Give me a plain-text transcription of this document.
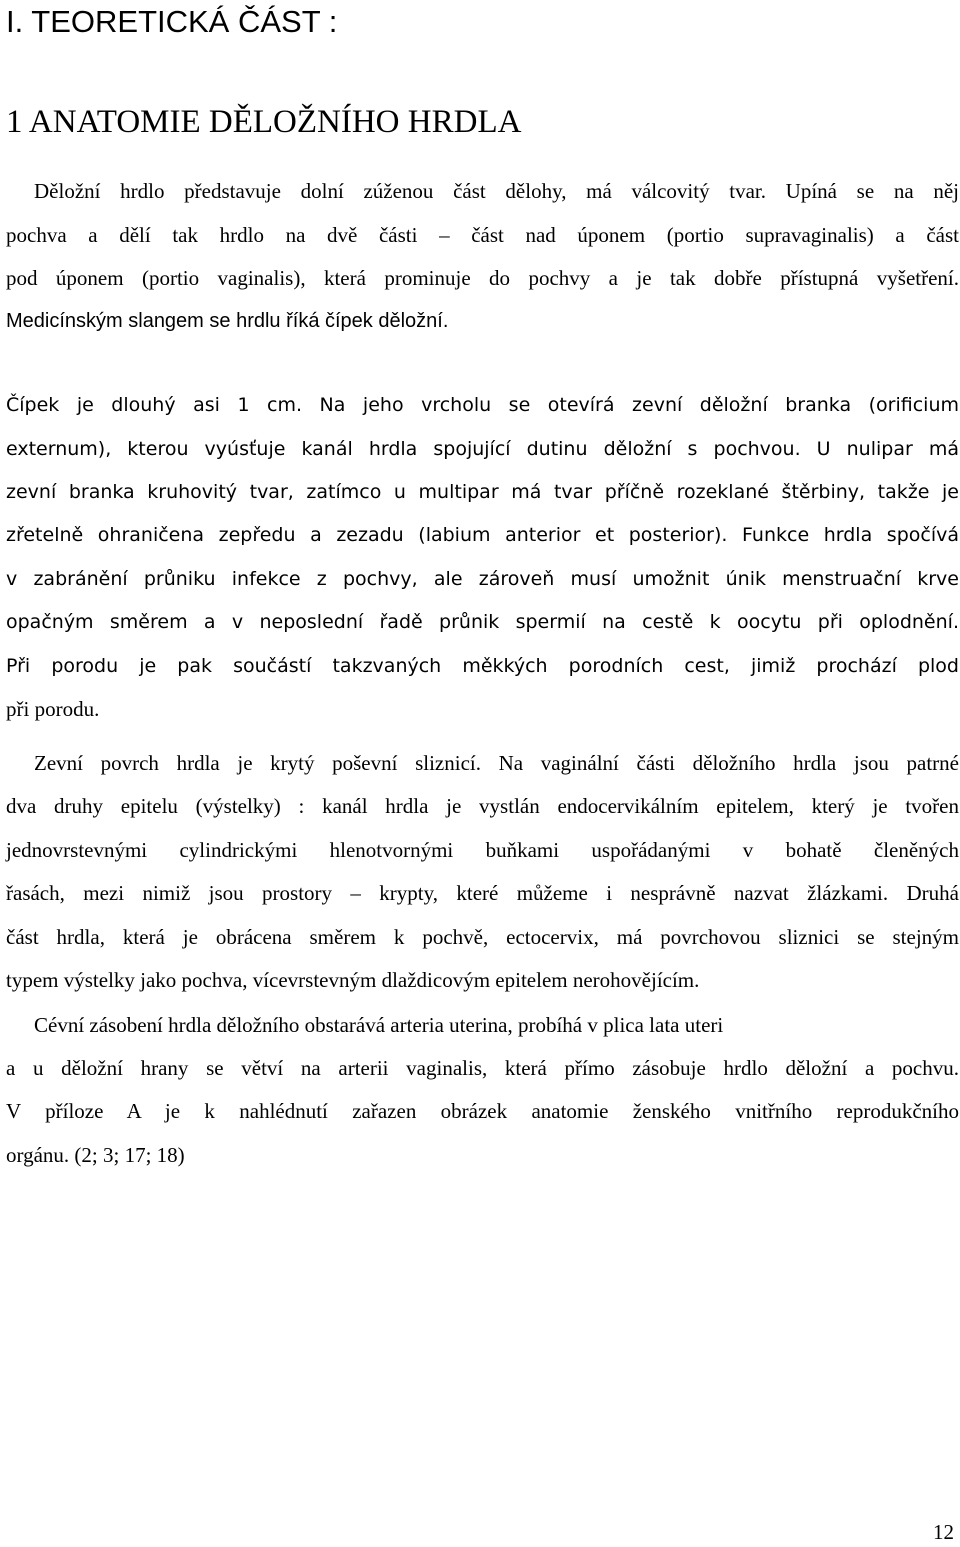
I. TEORETICKÁ ČÁST :
1 ANATOMIE DĚLOŽNÍHO HRDLA
Děložní hrdlo představuje dolní zúženou část dělohy, má válcovitý tvar. Upíná se na něj
pochva a dělí tak hrdlo na dvě části – část nad úponem (portio supravaginalis) a část
pod úponem (portio vaginalis), která prominuje do pochvy a je tak dobře přístupná vyšetření.
Medicínským slangem se hrdlu říká čípek děložní.
Čípek je dlouhý asi 1 cm. Na jeho vrcholu se otevírá zevní děložní branka (orificium
externum), kterou vyúsťuje kanál hrdla spojující dutinu děložní s pochvou. U nulipar má
zevní branka kruhovitý tvar, zatímco u multipar má tvar příčně rozeklané štěrbiny, takže je
zřetelně ohraničena zepředu a zezadu (labium anterior et posterior). Funkce hrdla spočívá
v zabránění průniku infekce z pochvy, ale zároveň musí umožnit únik menstruační krve
opačným směrem a v neposlední řadě průnik spermií na cestě k oocytu při oplodnění.
Při porodu je pak součástí takzvaných měkkých porodních cest, jimiž prochází plod
při porodu.
Zevní povrch hrdla je krytý poševní sliznicí. Na vaginální části děložního hrdla jsou patrné
dva druhy epitelu (výstelky) : kanál hrdla je vystlán endocervikálním epitelem, který je tvořen
jednovrstevnými cylindrickými hlenotvornými buňkami uspořádanými v bohatě členěných
řasách, mezi nimiž jsou prostory – krypty, které můžeme i nesprávně nazvat žlázkami. Druhá
část hrdla, která je obrácena směrem k pochvě, ectocervix, má povrchovou sliznici se stejným
typem výstelky jako pochva, vícevrstevným dlaždicovým epitelem nerohovějícím.
Cévní zásobení hrdla děložního obstarává arteria uterina, probíhá v plica lata uteri
a u děložní hrany se větví na arterii vaginalis, která přímo zásobuje hrdlo děložní a pochvu.
V příloze A je k nahlédnutí zařazen obrázek anatomie ženského vnitřního reprodukčního
orgánu. (2; 3; 17; 18)
12
